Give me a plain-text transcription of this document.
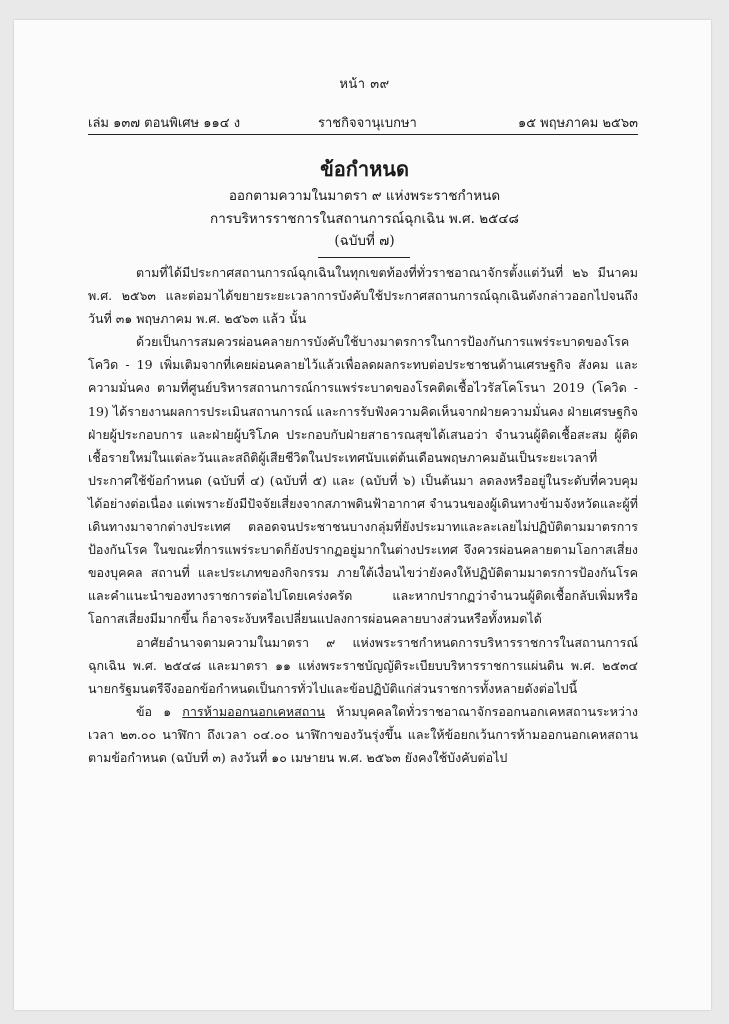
หน้า ๓๙
เล่ม ๑๓๗ ตอนพิเศษ ๑๑๔ ง	ราชกิจจานุเบกษา	๑๕ พฤษภาคม ๒๕๖๓
ข้อกำหนด
ออกตามความในมาตรา ๙ แห่งพระราชกำหนด
การบริหารราชการในสถานการณ์ฉุกเฉิน พ.ศ. ๒๕๔๘
(ฉบับที่ ๗)

ตามที่ได้มีประกาศสถานการณ์ฉุกเฉินในทุกเขตท้องที่ทั่วราชอาณาจักรตั้งแต่วันที่ ๒๖ มีนาคม พ.ศ. ๒๕๖๓ และต่อมาได้ขยายระยะเวลาการบังคับใช้ประกาศสถานการณ์ฉุกเฉินดังกล่าวออกไปจนถึงวันที่ ๓๑ พฤษภาคม พ.ศ. ๒๕๖๓ แล้ว นั้น

ด้วยเป็นการสมควรผ่อนคลายการบังคับใช้บางมาตรการในการป้องกันการแพร่ระบาดของโรคโควิด - 19 เพิ่มเติมจากที่เคยผ่อนคลายไว้แล้วเพื่อลดผลกระทบต่อประชาชนด้านเศรษฐกิจ สังคม และความมั่นคง ตามที่ศูนย์บริหารสถานการณ์การแพร่ระบาดของโรคติดเชื้อไวรัสโคโรนา 2019 (โควิด - 19) ได้รายงานผลการประเมินสถานการณ์ และการรับฟังความคิดเห็นจากฝ่ายความมั่นคง ฝ่ายเศรษฐกิจ ฝ่ายผู้ประกอบการ และฝ่ายผู้บริโภค ประกอบกับฝ่ายสาธารณสุขได้เสนอว่า จำนวนผู้ติดเชื้อสะสม ผู้ติดเชื้อรายใหม่ในแต่ละวันและสถิติผู้เสียชีวิตในประเทศนับแต่ต้นเดือนพฤษภาคมอันเป็นระยะเวลาที่ประกาศใช้ข้อกำหนด (ฉบับที่ ๔) (ฉบับที่ ๕) และ (ฉบับที่ ๖) เป็นต้นมา ลดลงหรืออยู่ในระดับที่ควบคุมได้อย่างต่อเนื่อง แต่เพราะยังมีปัจจัยเสี่ยงจากสภาพดินฟ้าอากาศ จำนวนของผู้เดินทางข้ามจังหวัดและผู้ที่เดินทางมาจากต่างประเทศ ตลอดจนประชาชนบางกลุ่มที่ยังประมาทและละเลยไม่ปฏิบัติตามมาตรการป้องกันโรค ในขณะที่การแพร่ระบาดก็ยังปรากฏอยู่มากในต่างประเทศ จึงควรผ่อนคลายตามโอกาสเสี่ยงของบุคคล สถานที่ และประเภทของกิจกรรม ภายใต้เงื่อนไขว่ายังคงให้ปฏิบัติตามมาตรการป้องกันโรคและคำแนะนำของทางราชการต่อไปโดยเคร่งครัด และหากปรากฏว่าจำนวนผู้ติดเชื้อกลับเพิ่มหรือโอกาสเสี่ยงมีมากขึ้น ก็อาจระงับหรือเปลี่ยนแปลงการผ่อนคลายบางส่วนหรือทั้งหมดได้

อาศัยอำนาจตามความในมาตรา ๙ แห่งพระราชกำหนดการบริหารราชการในสถานการณ์ฉุกเฉิน พ.ศ. ๒๕๔๘ และมาตรา ๑๑ แห่งพระราชบัญญัติระเบียบบริหารราชการแผ่นดิน พ.ศ. ๒๕๓๔ นายกรัฐมนตรีจึงออกข้อกำหนดเป็นการทั่วไปและข้อปฏิบัติแก่ส่วนราชการทั้งหลายดังต่อไปนี้

ข้อ ๑ การห้ามออกนอกเคหสถาน ห้ามบุคคลใดทั่วราชอาณาจักรออกนอกเคหสถานระหว่างเวลา ๒๓.๐๐ นาฬิกา ถึงเวลา ๐๔.๐๐ นาฬิกาของวันรุ่งขึ้น และให้ข้อยกเว้นการห้ามออกนอกเคหสถานตามข้อกำหนด (ฉบับที่ ๓) ลงวันที่ ๑๐ เมษายน พ.ศ. ๒๕๖๓ ยังคงใช้บังคับต่อไป
